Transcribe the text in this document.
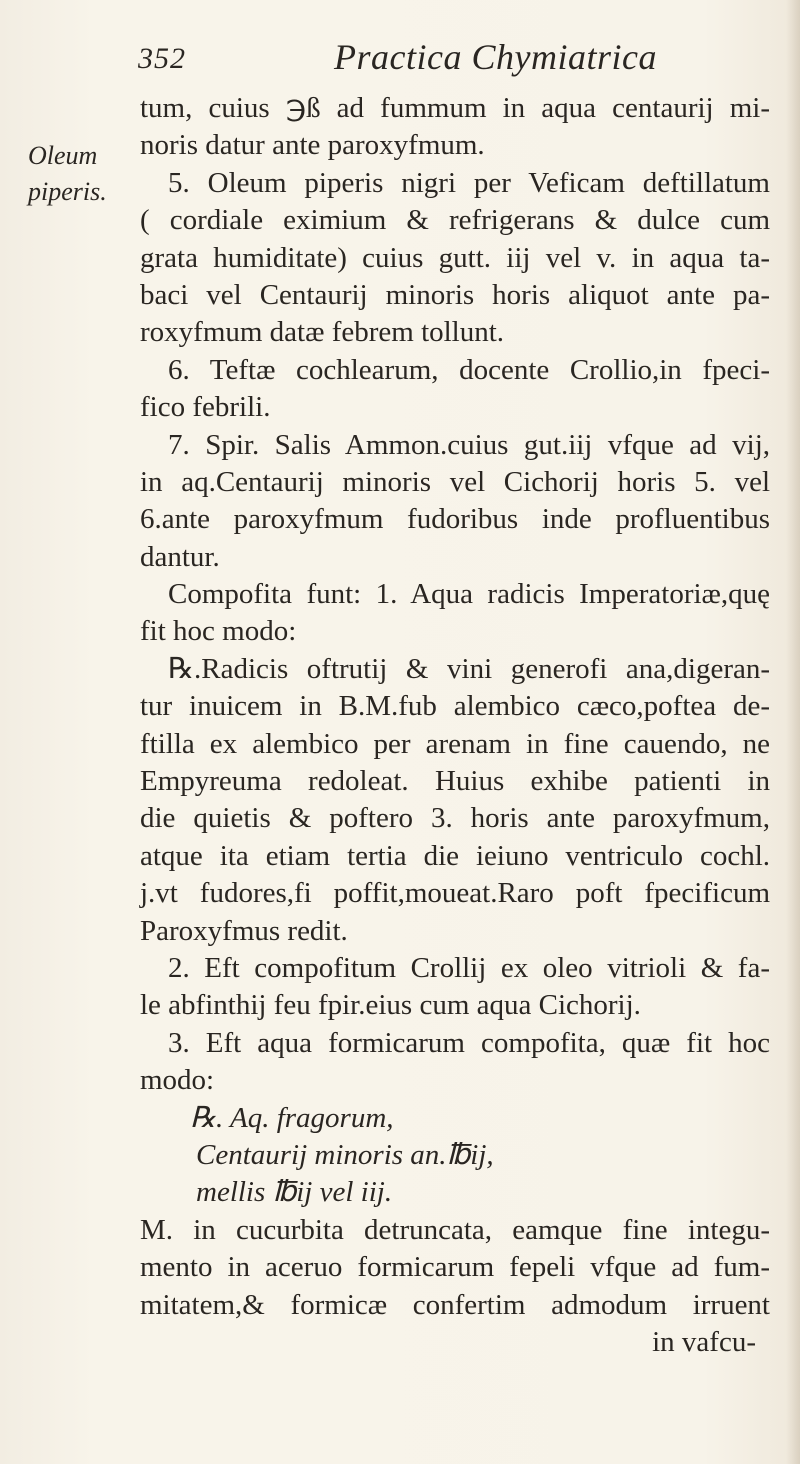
352	Practica Chymiatrica
Oleum
piperis.
tum, cuius ℈ß ad fummum in aqua centaurij mi-
noris datur ante paroxyfmum.
5. Oleum piperis nigri per Veficam deftillatum
( cordiale eximium & refrigerans & dulce cum
grata humiditate) cuius gutt. iij vel v. in aqua ta-
baci vel Centaurij minoris horis aliquot ante pa-
roxyfmum datæ febrem tollunt.
6. Teftæ cochlearum, docente Crollio,in fpeci-
fico febrili.
7. Spir. Salis Ammon.cuius gut.iij vfque ad vij,
in aq.Centaurij minoris vel Cichorij horis 5. vel
6.ante paroxyfmum fudoribus inde profluentibus
dantur.
Compofita funt: 1. Aqua radicis Imperatoriæ,quę
fit hoc modo:
℞.Radicis oftrutij & vini generofi ana,digeran-
tur inuicem in B.M.fub alembico cæco,poftea de-
ftilla ex alembico per arenam in fine cauendo, ne
Empyreuma redoleat. Huius exhibe patienti in
die quietis & poftero 3. horis ante paroxyfmum,
atque ita etiam tertia die ieiuno ventriculo cochl.
j.vt fudores,fi poffit,moueat.Raro poft fpecificum
Paroxyfmus redit.
2. Eft compofitum Crollij ex oleo vitrioli & fa-
le abfinthij feu fpir.eius cum aqua Cichorij.
3. Eft aqua formicarum compofita, quæ fit hoc
modo:
℞. Aq. fragorum,
Centaurij minoris an.℔ij,
mellis ℔ij vel iij.
M. in cucurbita detruncata, eamque fine integu-
mento in aceruo formicarum fepeli vfque ad fum-
mitatem,& formicæ confertim admodum irruent
in vafcu-
